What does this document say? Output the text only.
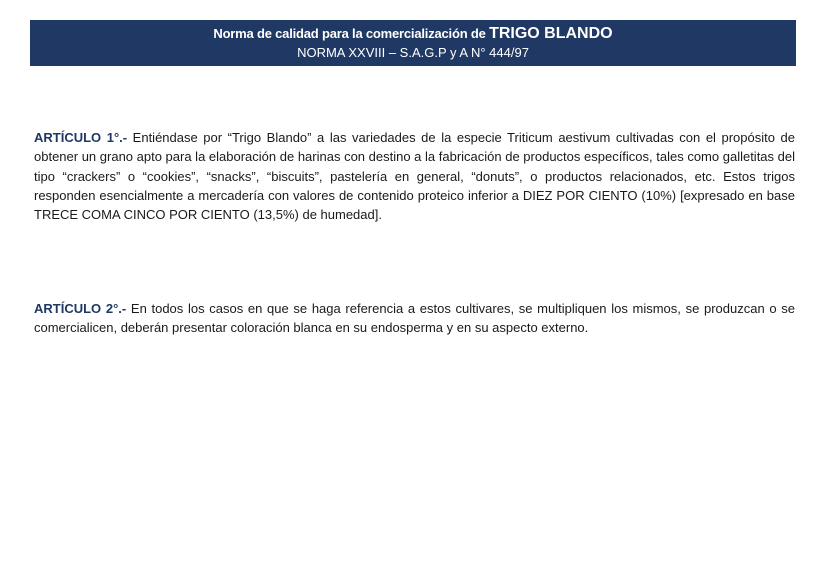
Norma de calidad para la comercialización de TRIGO BLANDO
NORMA XXVIII – S.A.G.P y A N° 444/97
ARTÍCULO 1°.- Entiéndase por “Trigo Blando” a las variedades de la especie Triticum aestivum cultivadas con el propósito de obtener un grano apto para la elaboración de harinas con destino a la fabricación de productos específicos, tales como galletitas del tipo “crackers” o “cookies”, “snacks”, “biscuits”, pastelería en general, “donuts”, o productos relacionados, etc. Estos trigos responden esencialmente a mercadería con valores de contenido proteico inferior a DIEZ POR CIENTO (10%) [expresado en base TRECE COMA CINCO POR CIENTO (13,5%) de humedad].
ARTÍCULO 2°.- En todos los casos en que se haga referencia a estos cultivares, se multipliquen los mismos, se produzcan o se comercialicen, deberán presentar coloración blanca en su endosperma y en su aspecto externo.
